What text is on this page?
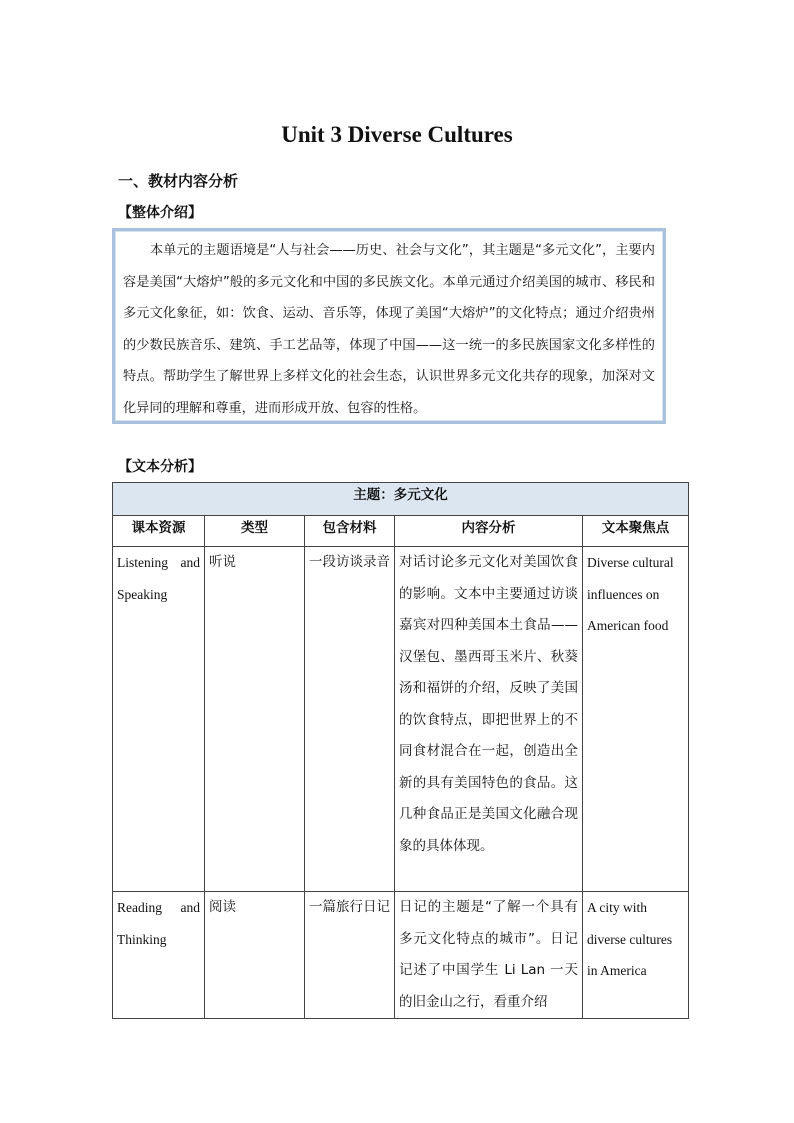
Unit 3 Diverse Cultures
一、教材内容分析
【整体介绍】

本单元的主题语境是“人与社会——历史、社会与文化”，其主题是“多元文化”，主要内容是美国“大熔炉”般的多元文化和中国的多民族文化。本单元通过介绍美国的城市、移民和多元文化象征，如：饮食、运动、音乐等，体现了美国“大熔炉”的文化特点；通过介绍贵州的少数民族音乐、建筑、手工艺品等，体现了中国——这一统一的多民族国家文化多样性的特点。帮助学生了解世界上多样文化的社会生态，认识世界多元文化共存的现象，加深对文化异同的理解和尊重，进而形成开放、包容的性格。

【文本分析】
主题：多元文化				
课本资源	类型	包含材料	内容分析	文本聚焦点
Listening and Speaking	听说	一段访谈录音	对话讨论多元文化对美国饮食的影响。文本中主要通过访谈嘉宾对四种美国本土食品——汉堡包、墨西哥玉米片、秋葵汤和福饼的介绍，反映了美国的饮食特点，即把世界上的不同食材混合在一起，创造出全新的具有美国特色的食品。这几种食品正是美国文化融合现象的具体体现。	Diverse cultural influences on American food
Reading and Thinking	阅读	一篇旅行日记	日记的主题是“了解一个具有多元文化特点的城市”。日记记述了中国学生 Li Lan 一天的旧金山之行，看重介绍	A city with diverse cultures in America
